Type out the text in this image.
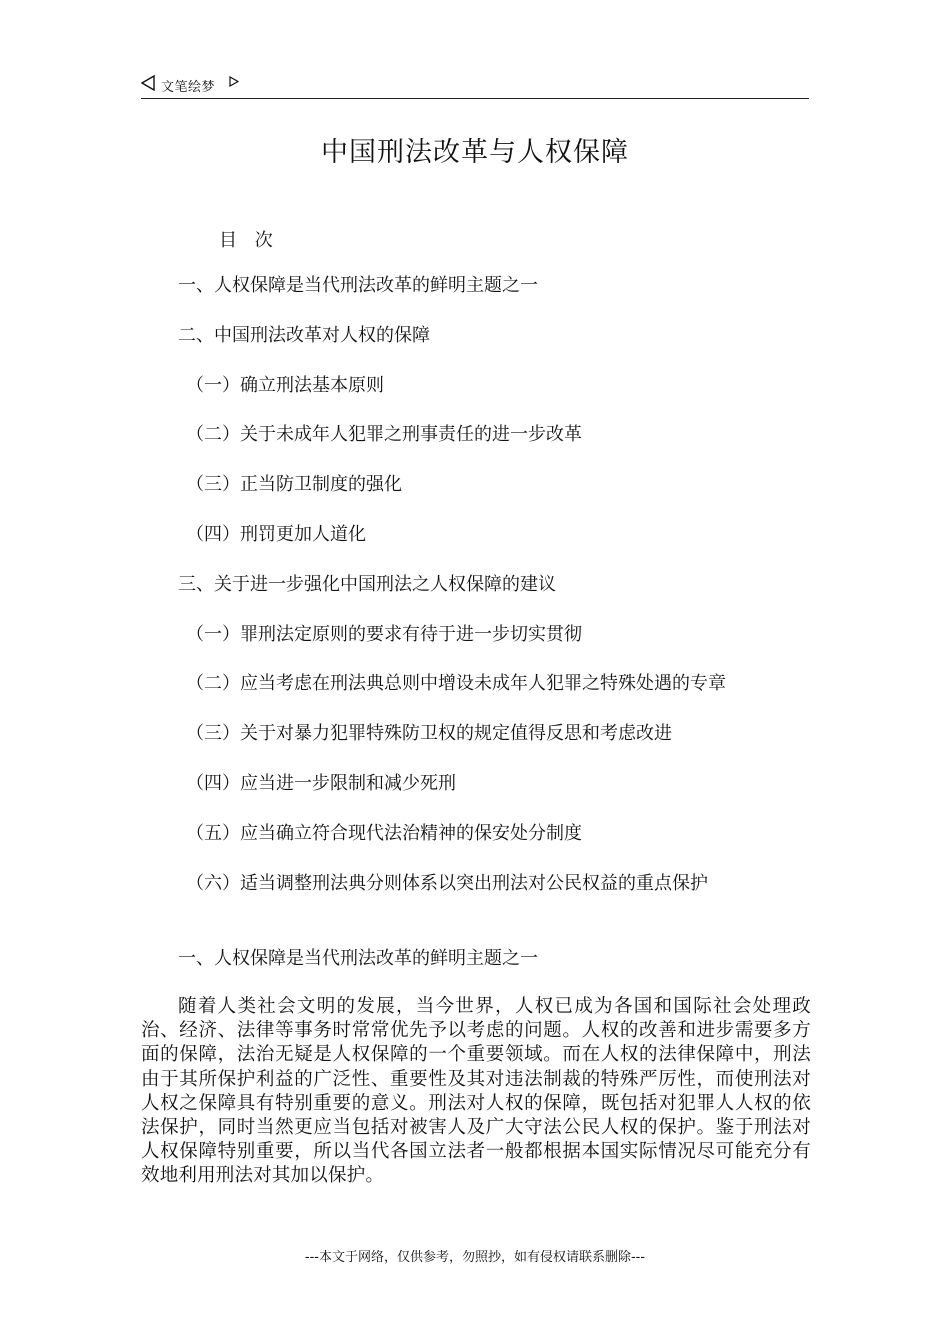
文笔绘梦
中国刑法改革与人权保障
目 次
一、人权保障是当代刑法改革的鲜明主题之一
二、中国刑法改革对人权的保障
（一）确立刑法基本原则
（二）关于未成年人犯罪之刑事责任的进一步改革
（三）正当防卫制度的强化
（四）刑罚更加人道化
三、关于进一步强化中国刑法之人权保障的建议
（一）罪刑法定原则的要求有待于进一步切实贯彻
（二）应当考虑在刑法典总则中增设未成年人犯罪之特殊处遇的专章
（三）关于对暴力犯罪特殊防卫权的规定值得反思和考虑改进
（四）应当进一步限制和减少死刑
（五）应当确立符合现代法治精神的保安处分制度
（六）适当调整刑法典分则体系以突出刑法对公民权益的重点保护
一、人权保障是当代刑法改革的鲜明主题之一

随着人类社会文明的发展，当今世界，人权已成为各国和国际社会处理政治、经济、法律等事务时常常优先予以考虑的问题。人权的改善和进步需要多方面的保障，法治无疑是人权保障的一个重要领域。而在人权的法律保障中，刑法由于其所保护利益的广泛性、重要性及其对违法制裁的特殊严厉性，而使刑法对人权之保障具有特别重要的意义。刑法对人权的保障，既包括对犯罪人人权的依法保护，同时当然更应当包括对被害人及广大守法公民人权的保护。鉴于刑法对人权保障特别重要，所以当代各国立法者一般都根据本国实际情况尽可能充分有效地利用刑法对其加以保护。

---本文于网络，仅供参考，勿照抄，如有侵权请联系删除---
